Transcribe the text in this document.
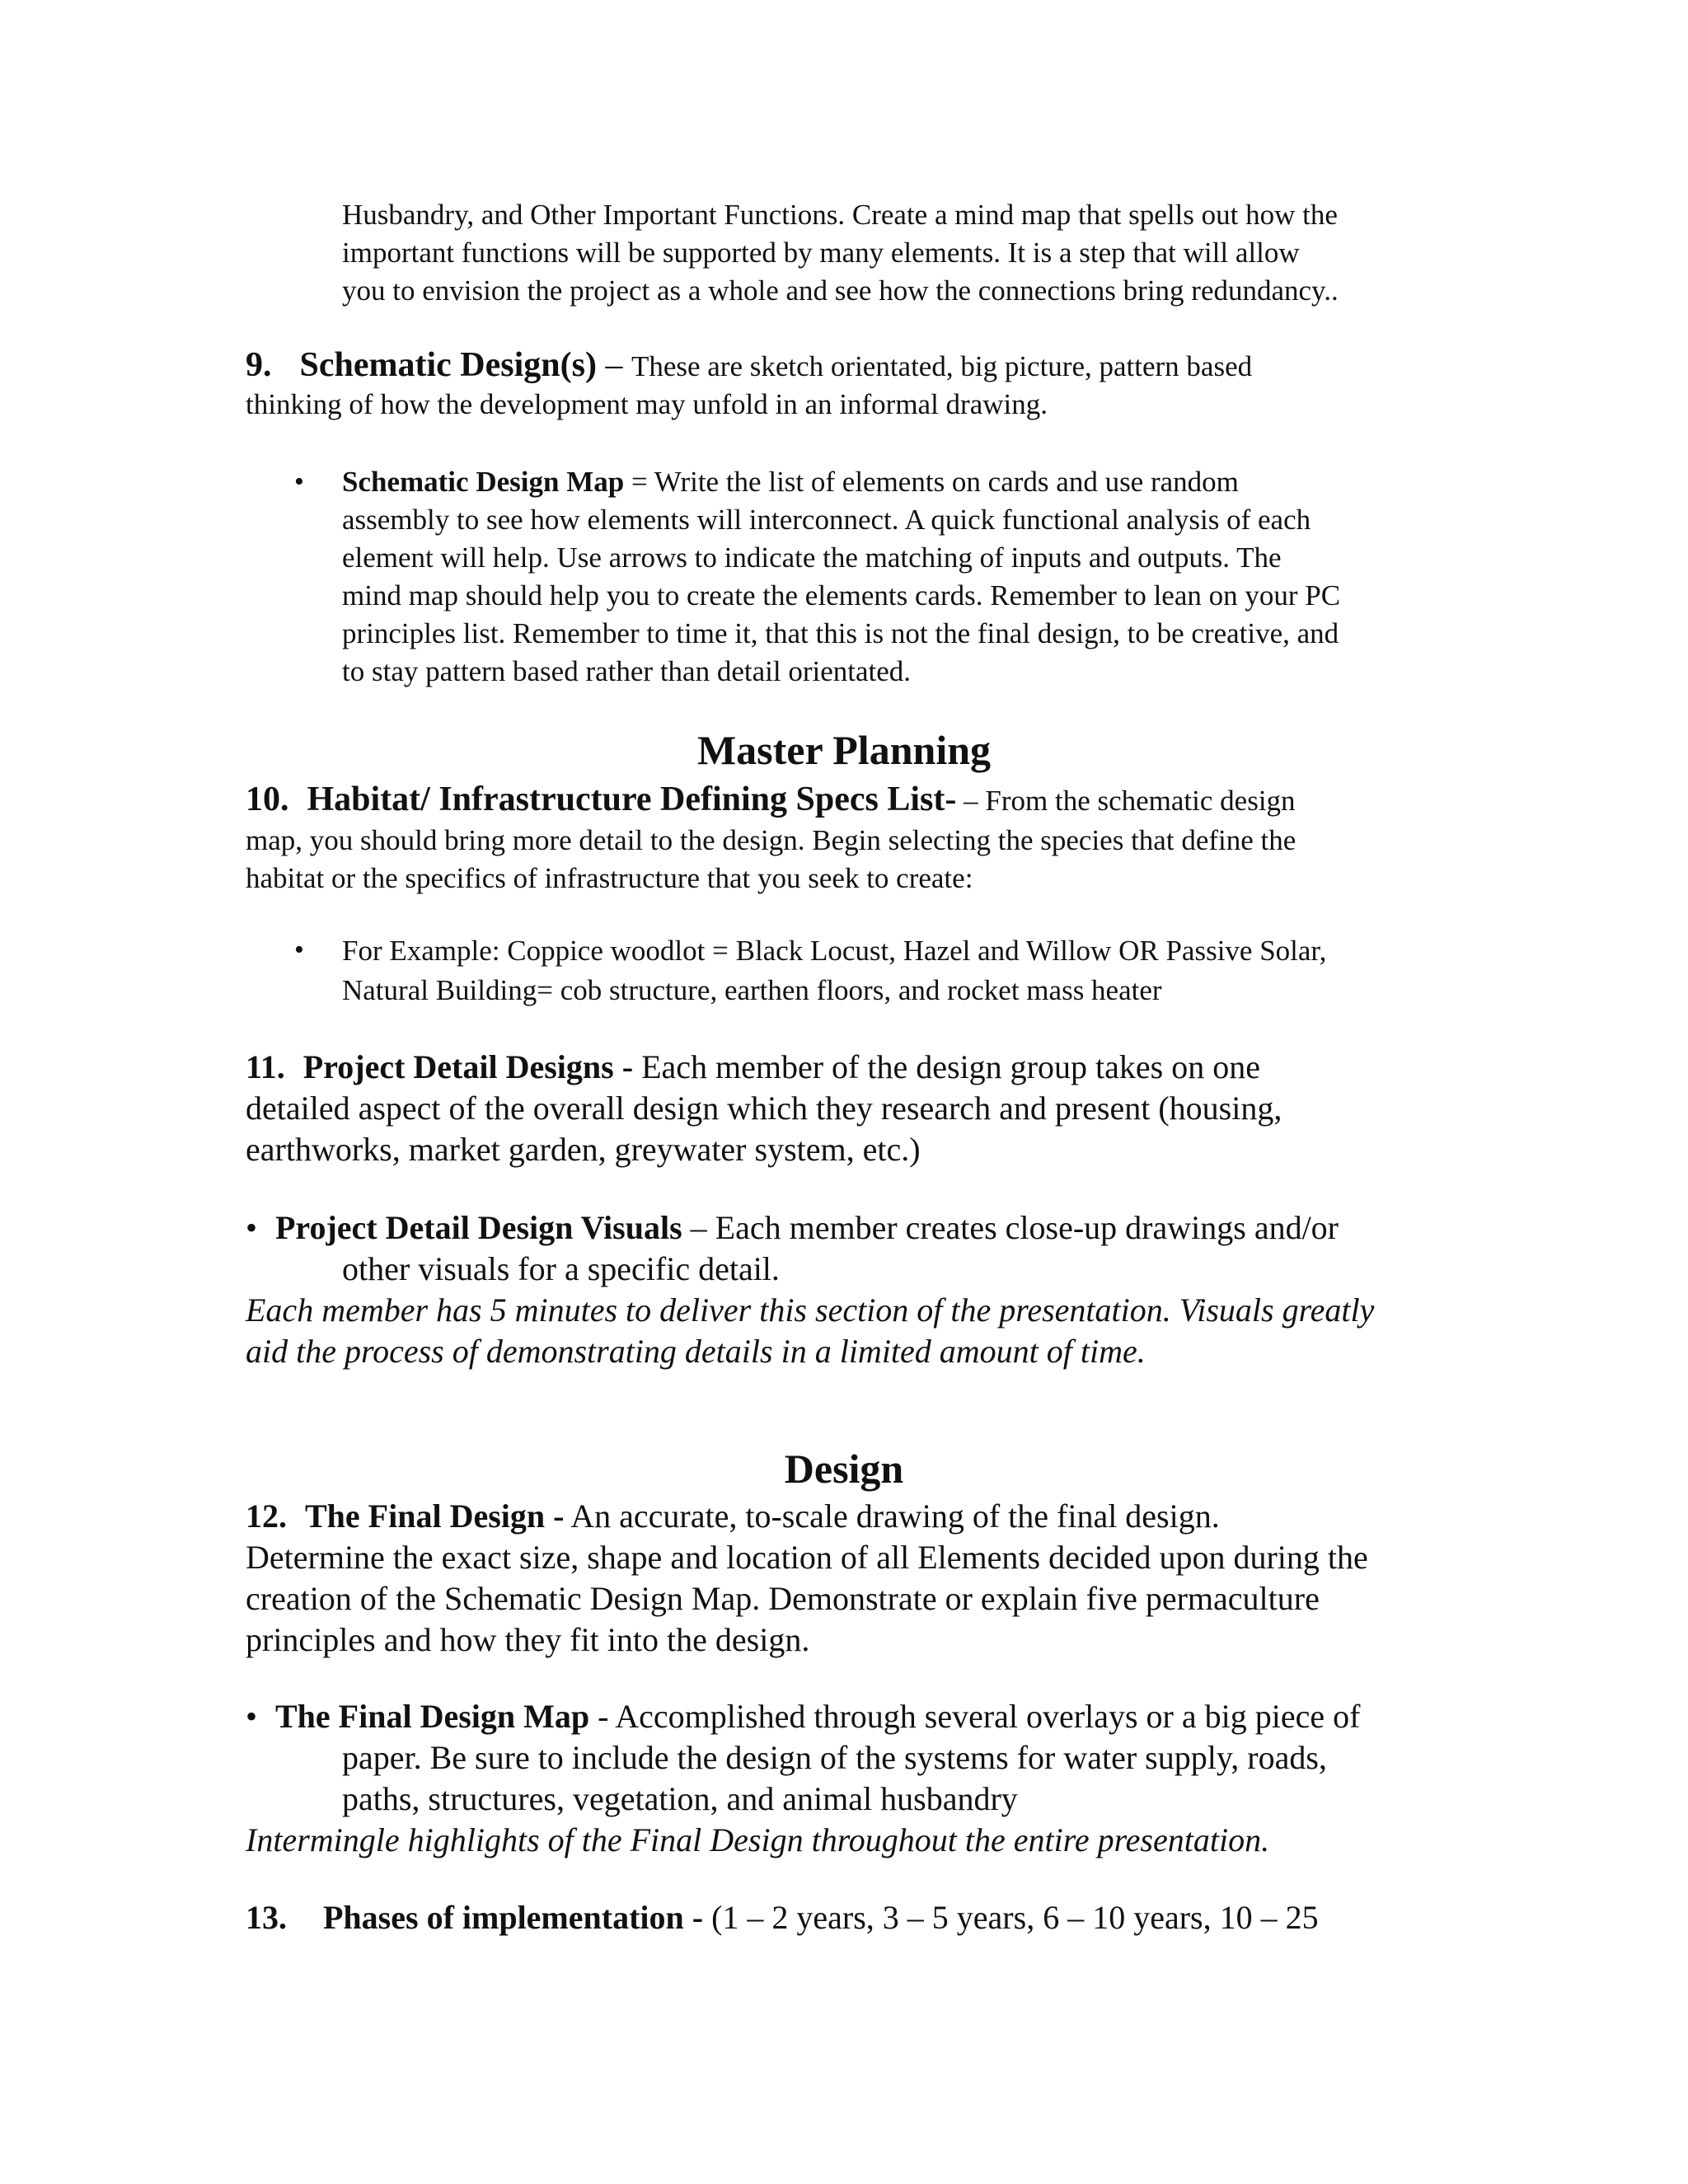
Husbandry, and Other Important Functions. Create a mind map that spells out how the

important functions will be supported by many elements. It is a step that will allow

you to envision the project as a whole and see how the connections bring redundancy..

9. Schematic Design(s) – These are sketch orientated, big picture, pattern based

thinking of how the development may unfold in an informal drawing.

• Schematic Design Map = Write the list of elements on cards and use random

assembly to see how elements will interconnect. A quick functional analysis of each

element will help. Use arrows to indicate the matching of inputs and outputs. The

mind map should help you to create the elements cards. Remember to lean on your PC

principles list. Remember to time it, that this is not the final design, to be creative, and

to stay pattern based rather than detail orientated.

Master Planning

10. Habitat/ Infrastructure Defining Specs List- – From the schematic design

map, you should bring more detail to the design. Begin selecting the species that define the

habitat or the specifics of infrastructure that you seek to create:

• For Example: Coppice woodlot = Black Locust, Hazel and Willow OR Passive Solar,

Natural Building= cob structure, earthen floors, and rocket mass heater

11. Project Detail Designs - Each member of the design group takes on one

detailed aspect of the overall design which they research and present (housing,

earthworks, market garden, greywater system, etc.)

• Project Detail Design Visuals – Each member creates close-up drawings and/or

other visuals for a specific detail.

Each member has 5 minutes to deliver this section of the presentation. Visuals greatly

aid the process of demonstrating details in a limited amount of time.

Design

12. The Final Design - An accurate, to-scale drawing of the final design.

Determine the exact size, shape and location of all Elements decided upon during the

creation of the Schematic Design Map. Demonstrate or explain five permaculture

principles and how they fit into the design.

• The Final Design Map - Accomplished through several overlays or a big piece of

paper. Be sure to include the design of the systems for water supply, roads,

paths, structures, vegetation, and animal husbandry

Intermingle highlights of the Final Design throughout the entire presentation.

13. Phases of implementation - (1 – 2 years, 3 – 5 years, 6 – 10 years, 10 – 25
